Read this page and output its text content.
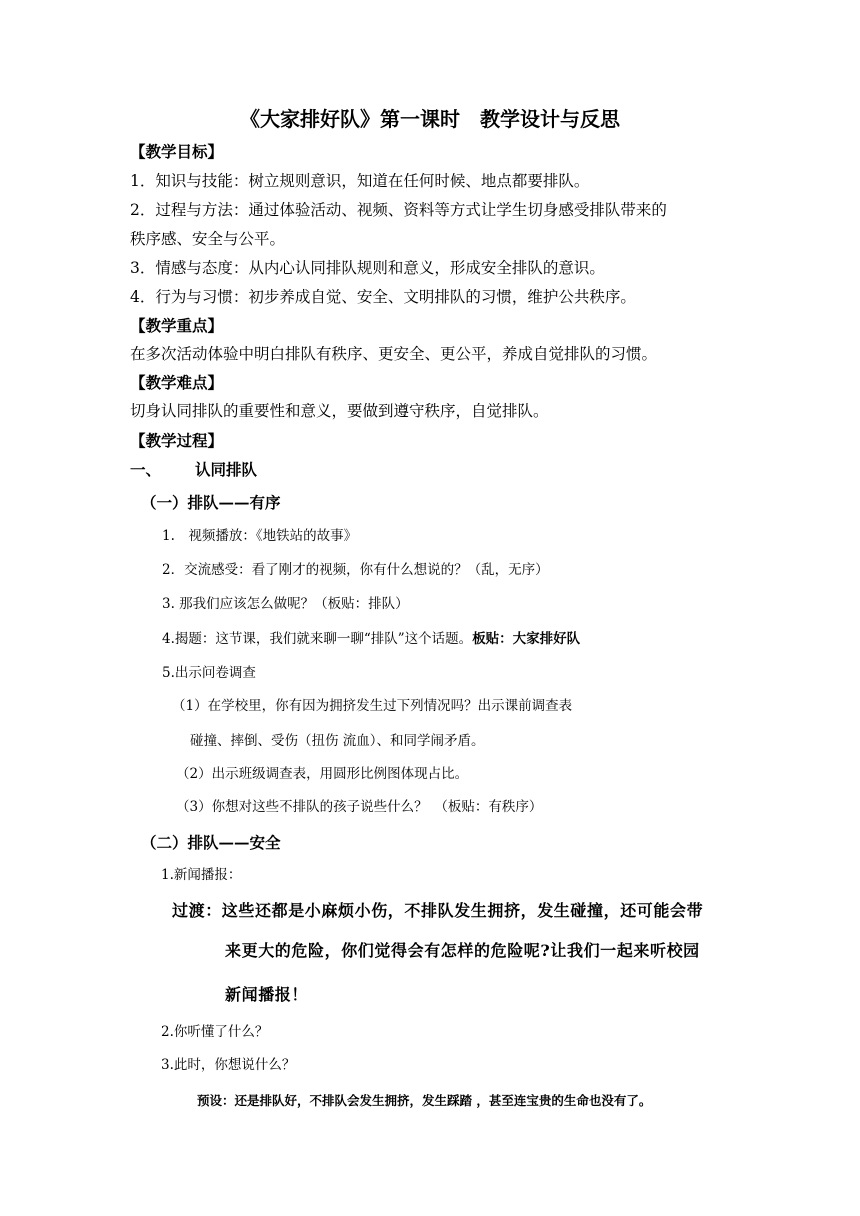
《大家排好队》第一课时　教学设计与反思
【教学目标】
1．知识与技能：树立规则意识，知道在任何时候、地点都要排队。
2．过程与方法：通过体验活动、视频、资料等方式让学生切身感受排队带来的
秩序感、安全与公平。
3．情感与态度：从内心认同排队规则和意义，形成安全排队的意识。
4．行为与习惯：初步养成自觉、安全、文明排队的习惯，维护公共秩序。
【教学重点】
在多次活动体验中明白排队有秩序、更安全、更公平，养成自觉排队的习惯。
【教学难点】
切身认同排队的重要性和意义，要做到遵守秩序，自觉排队。
【教学过程】
一、 认同排队
（一）排队——有序
1.　视频播放：《地铁站的故事》
2．交流感受：看了刚才的视频，你有什么想说的？（乱，无序）
3. 那我们应该怎么做呢？（板贴：排队）
4.揭题：这节课，我们就来聊一聊“排队”这个话题。板贴：大家排好队
5.出示问卷调查
（1）在学校里，你有因为拥挤发生过下列情况吗？出示课前调查表
碰撞、摔倒、受伤（扭伤 流血）、和同学闹矛盾。
（2）出示班级调查表，用圆形比例图体现占比。
（3）你想对这些不排队的孩子说些什么？　（板贴：有秩序）
（二）排队——安全
1.新闻播报：
过渡：这些还都是小麻烦小伤，不排队发生拥挤，发生碰撞，还可能会带
来更大的危险，你们觉得会有怎样的危险呢?让我们一起来听校园
新闻播报！
2.你听懂了什么？
3.此时，你想说什么？
预设：还是排队好，不排队会发生拥挤，发生踩踏 ，甚至连宝贵的生命也没有了。
